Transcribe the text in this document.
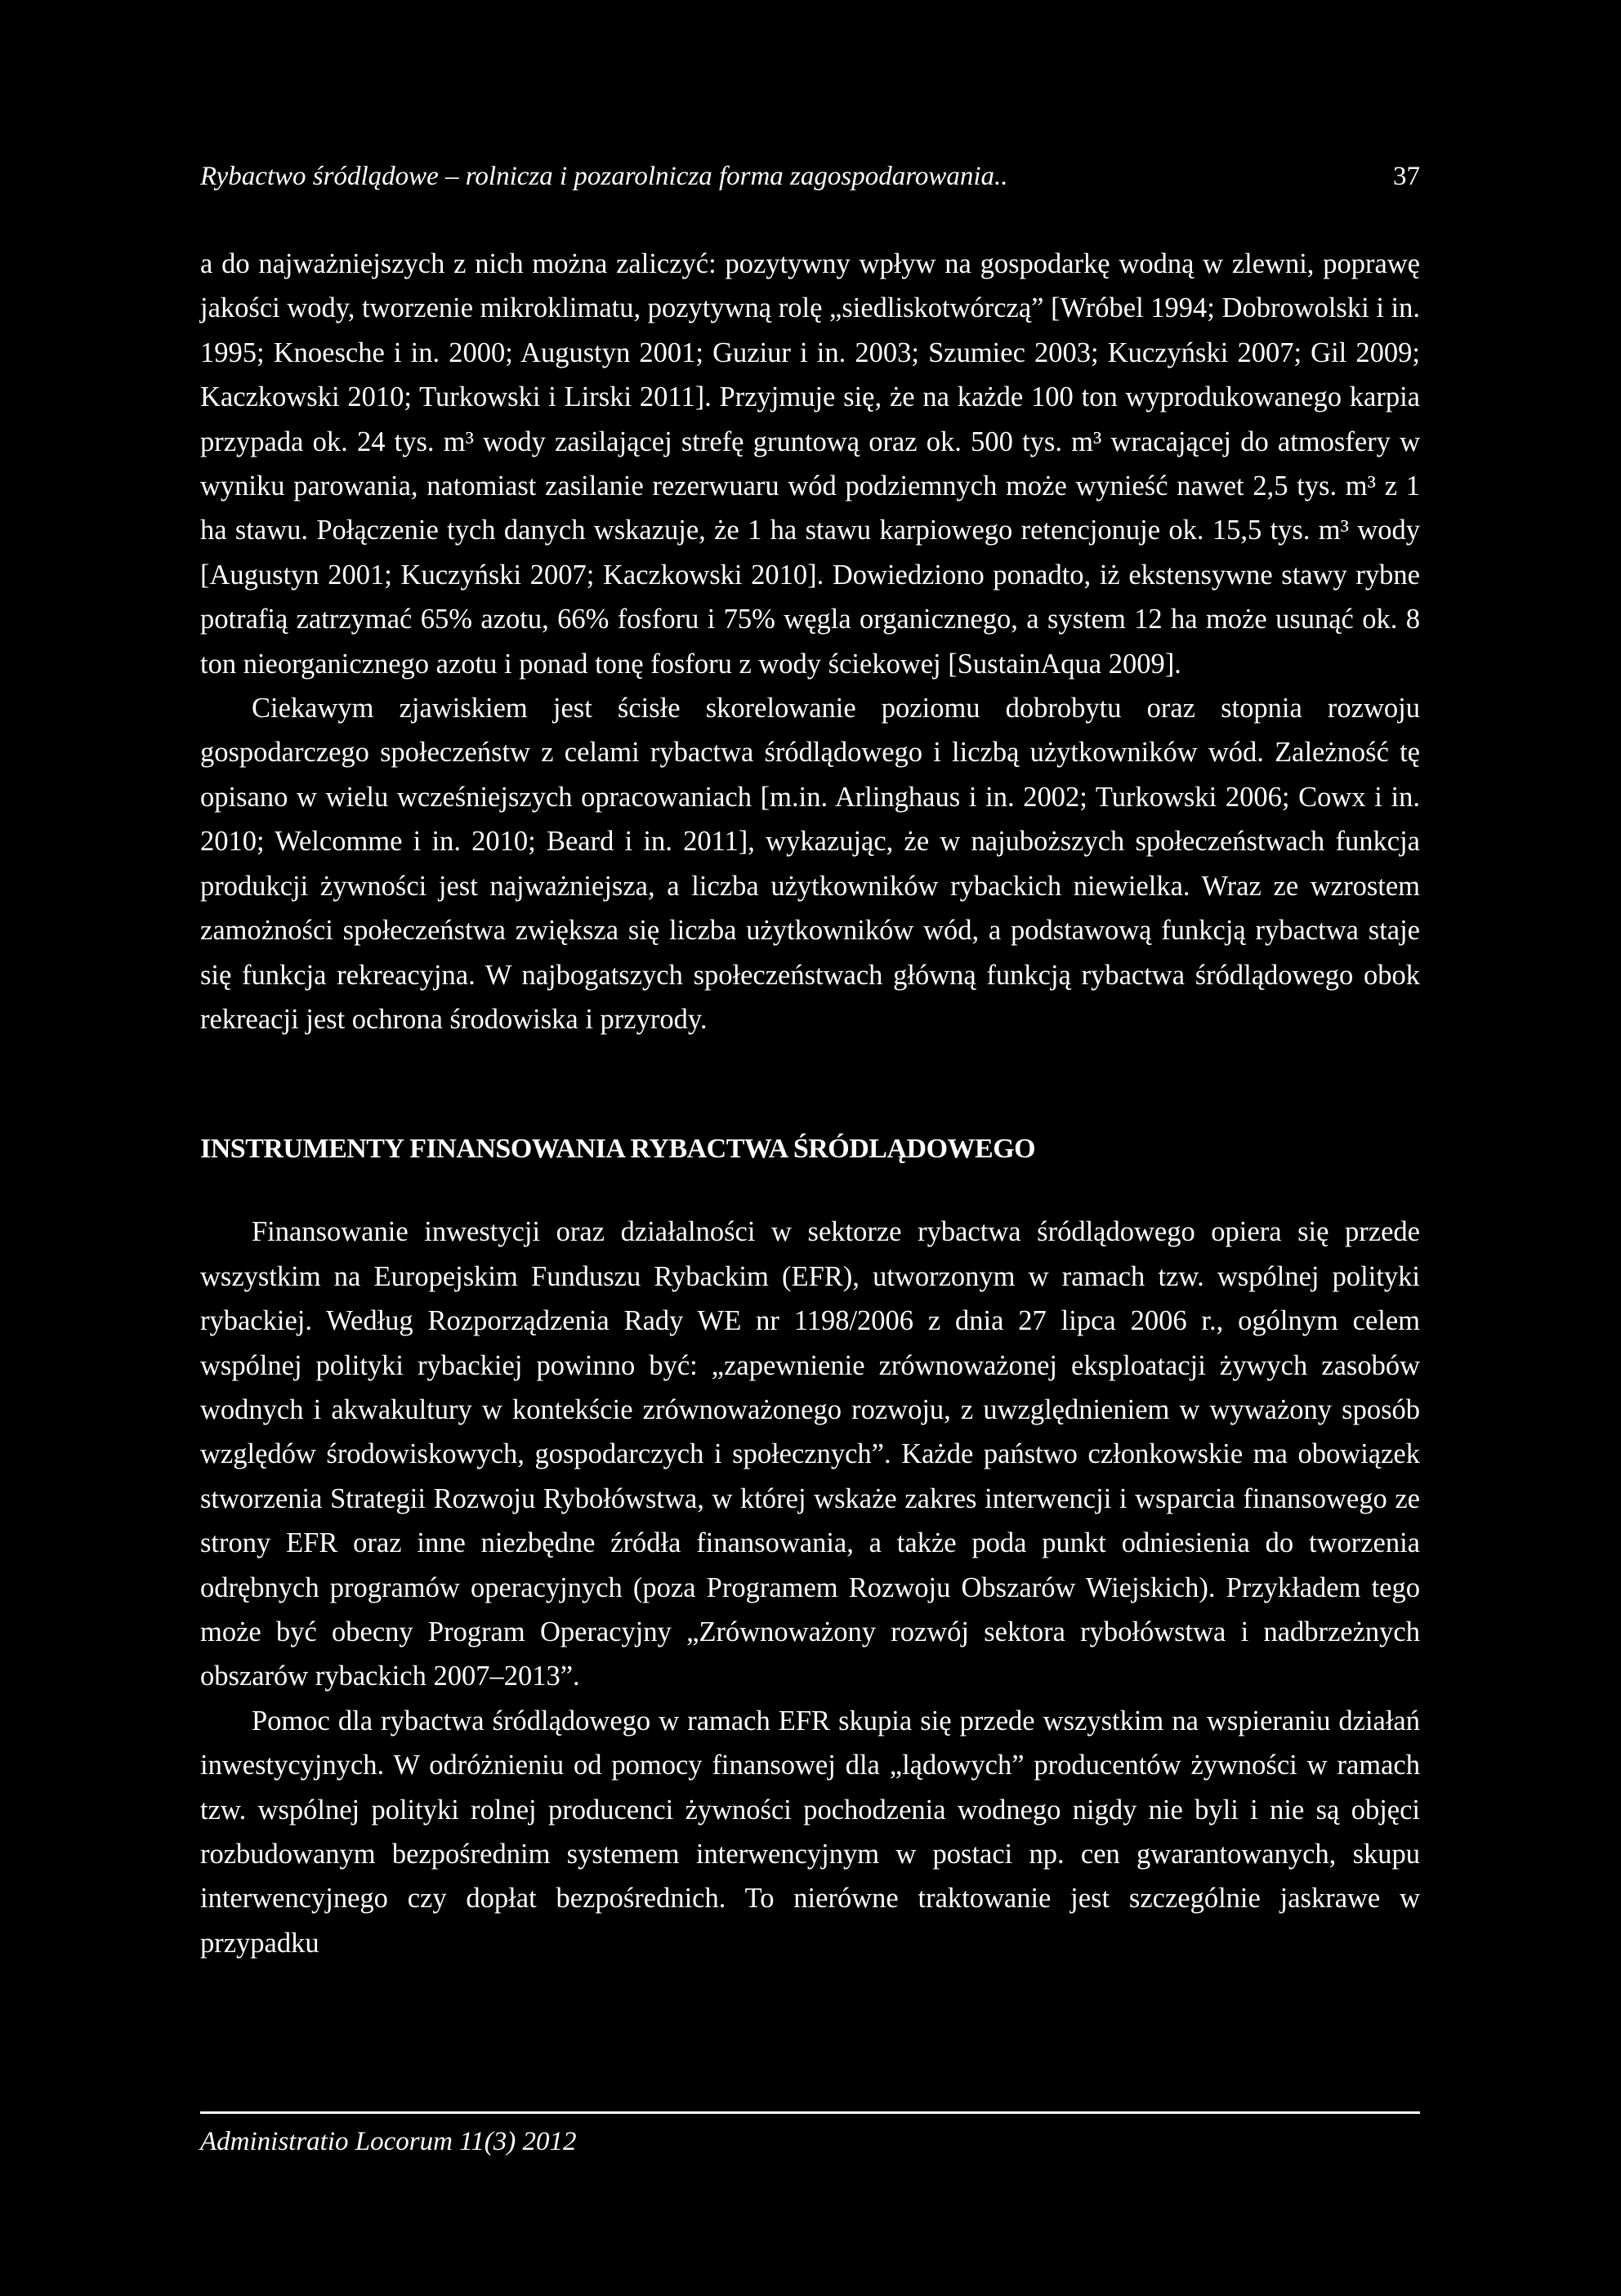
Rybactwo śródlądowe – rolnicza i pozarolnicza forma zagospodarowania..	37

a do najważniejszych z nich można zaliczyć: pozytywny wpływ na gospodarkę wodną w zlewni, poprawę jakości wody, tworzenie mikroklimatu, pozytywną rolę „siedliskotwórczą” [Wróbel 1994; Dobrowolski i in. 1995; Knoesche i in. 2000; Augustyn 2001; Guziur i in. 2003; Szumiec 2003; Kuczyński 2007; Gil 2009; Kaczkowski 2010; Turkowski i Lirski 2011]. Przyjmuje się, że na każde 100 ton wyprodukowanego karpia przypada ok. 24 tys. m³ wody zasilającej strefę gruntową oraz ok. 500 tys. m³ wracającej do atmosfery w wyniku parowania, natomiast zasilanie rezerwuaru wód podziemnych może wynieść nawet 2,5 tys. m³ z 1 ha stawu. Połączenie tych danych wskazuje, że 1 ha stawu karpiowego retencjonuje ok. 15,5 tys. m³ wody [Augustyn 2001; Kuczyński 2007; Kaczkowski 2010]. Dowiedziono ponadto, iż ekstensywne stawy rybne potrafią zatrzymać 65% azotu, 66% fosforu i 75% węgla organicznego, a system 12 ha może usunąć ok. 8 ton nieorganicznego azotu i ponad tonę fosforu z wody ściekowej [SustainAqua 2009].

Ciekawym zjawiskiem jest ścisłe skorelowanie poziomu dobrobytu oraz stopnia rozwoju gospodarczego społeczeństw z celami rybactwa śródlądowego i liczbą użytkowników wód. Zależność tę opisano w wielu wcześniejszych opracowaniach [m.in. Arlinghaus i in. 2002; Turkowski 2006; Cowx i in. 2010; Welcomme i in. 2010; Beard i in. 2011], wykazując, że w najuboższych społeczeństwach funkcja produkcji żywności jest najważniejsza, a liczba użytkowników rybackich niewielka. Wraz ze wzrostem zamożności społeczeństwa zwiększa się liczba użytkowników wód, a podstawową funkcją rybactwa staje się funkcja rekreacyjna. W najbogatszych społeczeństwach główną funkcją rybactwa śródlądowego obok rekreacji jest ochrona środowiska i przyrody.

INSTRUMENTY FINANSOWANIA RYBACTWA ŚRÓDLĄDOWEGO

Finansowanie inwestycji oraz działalności w sektorze rybactwa śródlądowego opiera się przede wszystkim na Europejskim Funduszu Rybackim (EFR), utworzonym w ramach tzw. wspólnej polityki rybackiej. Według Rozporządzenia Rady WE nr 1198/2006 z dnia 27 lipca 2006 r., ogólnym celem wspólnej polityki rybackiej powinno być: „zapewnienie zrównoważonej eksploatacji żywych zasobów wodnych i akwakultury w kontekście zrównoważonego rozwoju, z uwzględnieniem w wyważony sposób względów środowiskowych, gospodarczych i społecznych”. Każde państwo członkowskie ma obowiązek stworzenia Strategii Rozwoju Rybołówstwa, w której wskaże zakres interwencji i wsparcia finansowego ze strony EFR oraz inne niezbędne źródła finansowania, a także poda punkt odniesienia do tworzenia odrębnych programów operacyjnych (poza Programem Rozwoju Obszarów Wiejskich). Przykładem tego może być obecny Program Operacyjny „Zrównoważony rozwój sektora rybołówstwa i nadbrzeżnych obszarów rybackich 2007–2013”.

Pomoc dla rybactwa śródlądowego w ramach EFR skupia się przede wszystkim na wspieraniu działań inwestycyjnych. W odróżnieniu od pomocy finansowej dla „lądowych” producentów żywności w ramach tzw. wspólnej polityki rolnej producenci żywności pochodzenia wodnego nigdy nie byli i nie są objęci rozbudowanym bezpośrednim systemem interwencyjnym w postaci np. cen gwarantowanych, skupu interwencyjnego czy dopłat bezpośrednich. To nierówne traktowanie jest szczególnie jaskrawe w przypadku

Administratio Locorum 11(3) 2012
